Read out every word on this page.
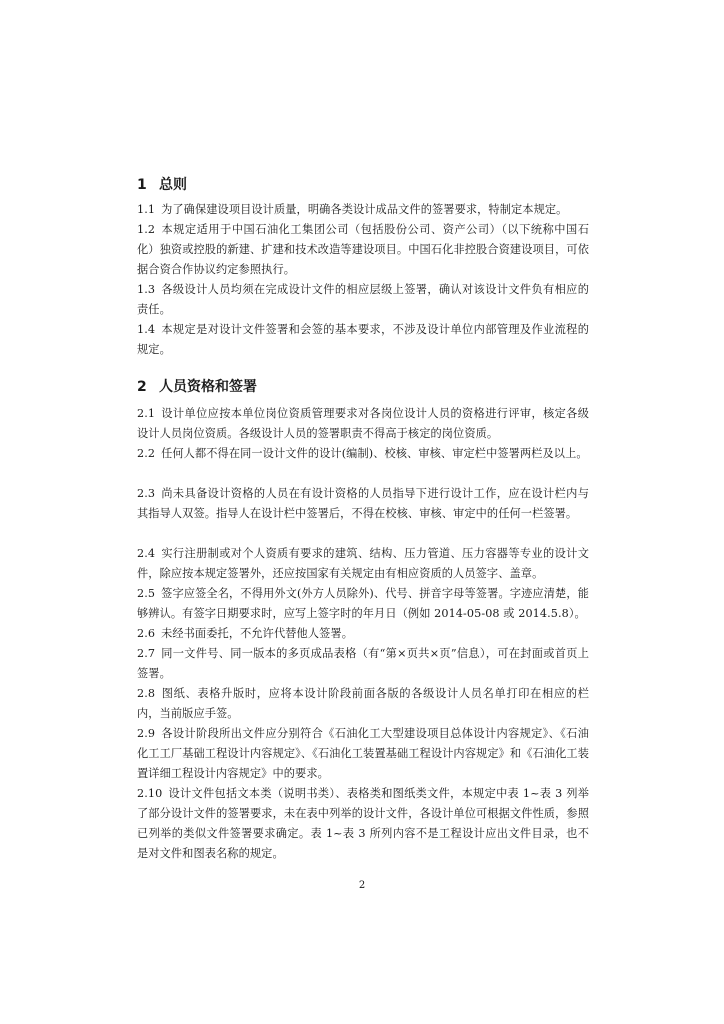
1 总则
1.1 为了确保建设项目设计质量，明确各类设计成品文件的签署要求，特制定本规定。
1.2 本规定适用于中国石油化工集团公司（包括股份公司、资产公司）（以下统称中国石化）独资或控股的新建、扩建和技术改造等建设项目。中国石化非控股合资建设项目，可依据合资合作协议约定参照执行。
1.3 各级设计人员均须在完成设计文件的相应层级上签署，确认对该设计文件负有相应的责任。
1.4 本规定是对设计文件签署和会签的基本要求，不涉及设计单位内部管理及作业流程的规定。
2 人员资格和签署
2.1 设计单位应按本单位岗位资质管理要求对各岗位设计人员的资格进行评审，核定各级设计人员岗位资质。各级设计人员的签署职责不得高于核定的岗位资质。
2.2 任何人都不得在同一设计文件的设计(编制)、校核、审核、审定栏中签署两栏及以上。
2.3 尚未具备设计资格的人员在有设计资格的人员指导下进行设计工作，应在设计栏内与其指导人双签。指导人在设计栏中签署后，不得在校核、审核、审定中的任何一栏签署。
2.4 实行注册制或对个人资质有要求的建筑、结构、压力管道、压力容器等专业的设计文件，除应按本规定签署外，还应按国家有关规定由有相应资质的人员签字、盖章。
2.5 签字应签全名，不得用外文(外方人员除外)、代号、拼音字母等签署。字迹应清楚，能够辨认。有签字日期要求时，应写上签字时的年月日（例如 2014-05-08 或 2014.5.8）。
2.6 未经书面委托，不允许代替他人签署。
2.7 同一文件号、同一版本的多页成品表格（有“第×页共×页”信息），可在封面或首页上签署。
2.8 图纸、表格升版时，应将本设计阶段前面各版的各级设计人员名单打印在相应的栏内，当前版应手签。
2.9 各设计阶段所出文件应分别符合《石油化工大型建设项目总体设计内容规定》、《石油化工工厂基础工程设计内容规定》、《石油化工装置基础工程设计内容规定》和《石油化工装置详细工程设计内容规定》中的要求。
2.10 设计文件包括文本类（说明书类）、表格类和图纸类文件，本规定中表 1~表 3 列举了部分设计文件的签署要求，未在表中列举的设计文件，各设计单位可根据文件性质，参照已列举的类似文件签署要求确定。表 1~表 3 所列内容不是工程设计应出文件目录，也不是对文件和图表名称的规定。
2
